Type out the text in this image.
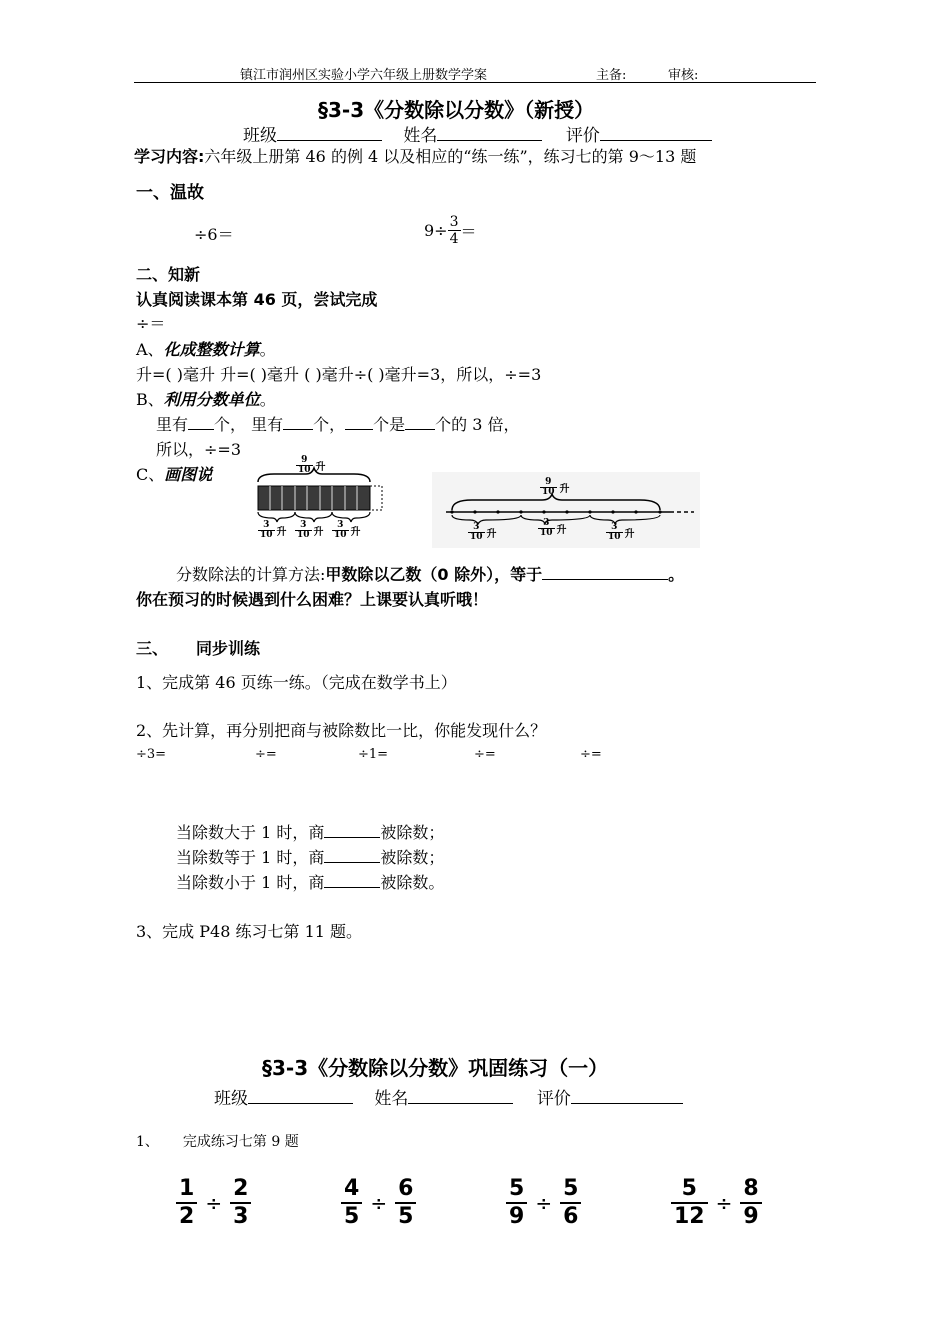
镇江市润州区实验小学六年级上册数学学案	主备:	审核:
§3-3《分数除以分数》（新授）
班级	姓名	评价
学习内容:六年级上册第 46 的例 4 以及相应的“练一练”，练习七的第 9～13 题
一、温故
÷6＝	$9\div \frac{3}{4}$ ＝
二、知新
认真阅读课本第 46 页，尝试完成
÷＝
A、化成整数计算。
升=( )毫升 升=( )毫升 ( )毫升÷( )毫升=3，所以，÷=3
B、利用分数单位。
里有 个， 里有 个， 个是 个的 3 倍，
所以，÷=3
C、画图说	$\frac{9}{10}$ 升
$\frac{3}{10}$ 升 $\frac{3}{10}$ 升 $\frac{3}{10}$ 升
$\frac{9}{10}$ 升
$\frac{3}{10}$ 升	$\frac{3}{10}$ 升	$\frac{3}{10}$ 升
分数除法的计算方法:甲数除以乙数（0 除外），等于	。
你在预习的时候遇到什么困难？上课要认真听哦！
三、 同步训练
1、完成第 46 页练一练。（完成在数学书上）
2、先计算，再分别把商与被除数比一比，你能发现什么？
÷3=	÷=	÷1=	÷=	÷=
当除数大于 1 时，商	被除数；
当除数等于 1 时，商	被除数；
当除数小于 1 时，商	被除数。
3、完成 P48 练习七第 11 题。
§3-3《分数除以分数》巩固练习（一）
班级	姓名	评价
1、 完成练习七第 9 题
$\frac{1}{2} \div \frac{2}{3}$	$\frac{4}{5} \div \frac{6}{5}$	$\frac{5}{9} \div \frac{5}{6}$	$\frac{5}{12} \div \frac{8}{9}$
